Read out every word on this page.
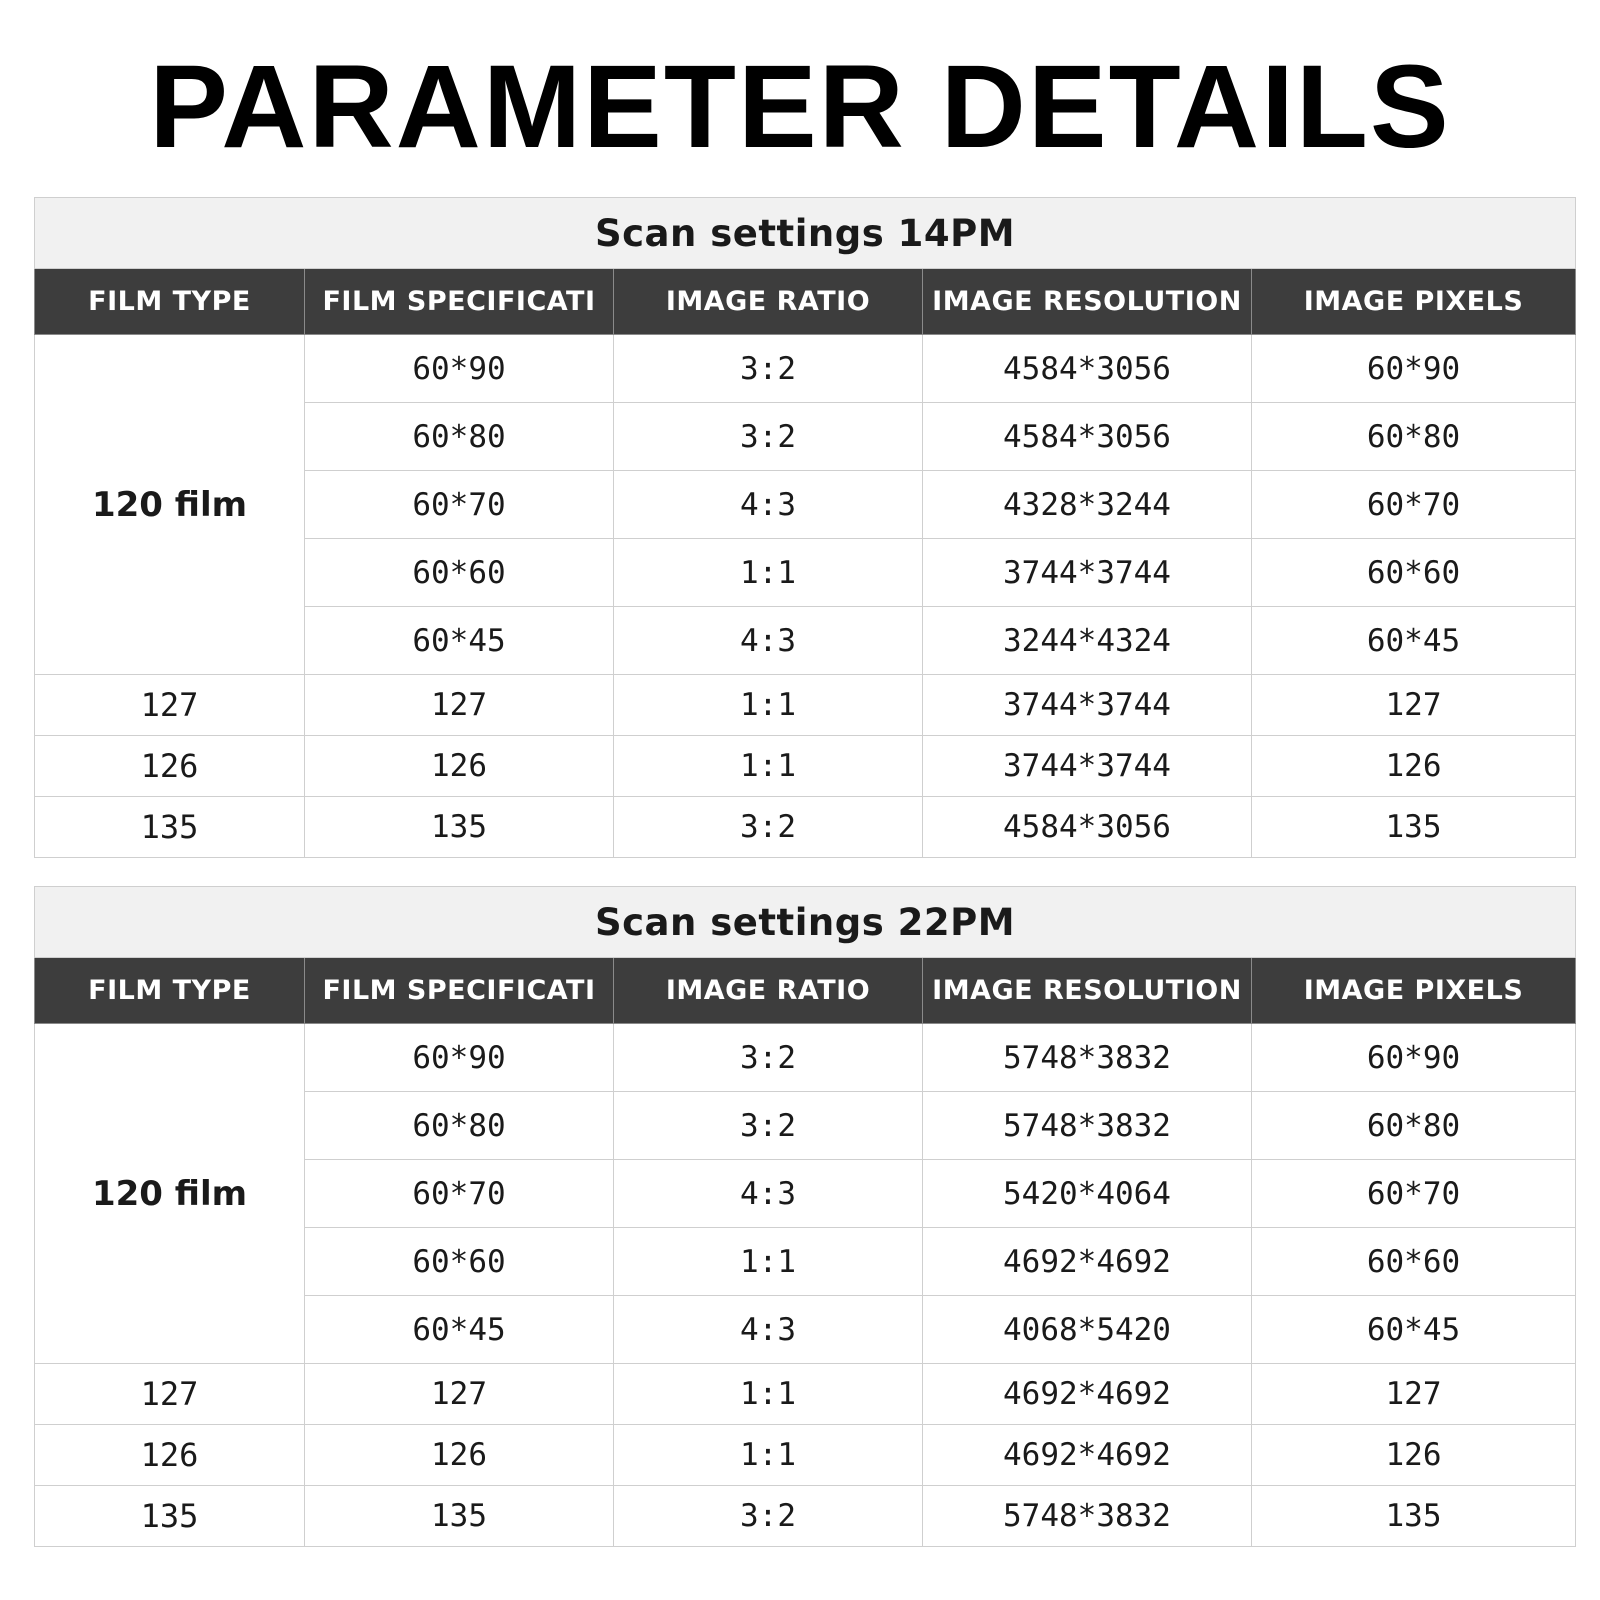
PARAMETER DETAILS
Scan settings 14PM				
FILM TYPE	FILM SPECIFICATI	IMAGE RATIO	IMAGE RESOLUTION	IMAGE PIXELS
120 film	60*90	3:2	4584*3056	60*90
	60*80	3:2	4584*3056	60*80
	60*70	4:3	4328*3244	60*70
	60*60	1:1	3744*3744	60*60
	60*45	4:3	3244*4324	60*45
127	127	1:1	3744*3744	127
126	126	1:1	3744*3744	126
135	135	3:2	4584*3056	135
Scan settings 22PM				
FILM TYPE	FILM SPECIFICATI	IMAGE RATIO	IMAGE RESOLUTION	IMAGE PIXELS
120 film	60*90	3:2	5748*3832	60*90
	60*80	3:2	5748*3832	60*80
	60*70	4:3	5420*4064	60*70
	60*60	1:1	4692*4692	60*60
	60*45	4:3	4068*5420	60*45
127	127	1:1	4692*4692	127
126	126	1:1	4692*4692	126
135	135	3:2	5748*3832	135
